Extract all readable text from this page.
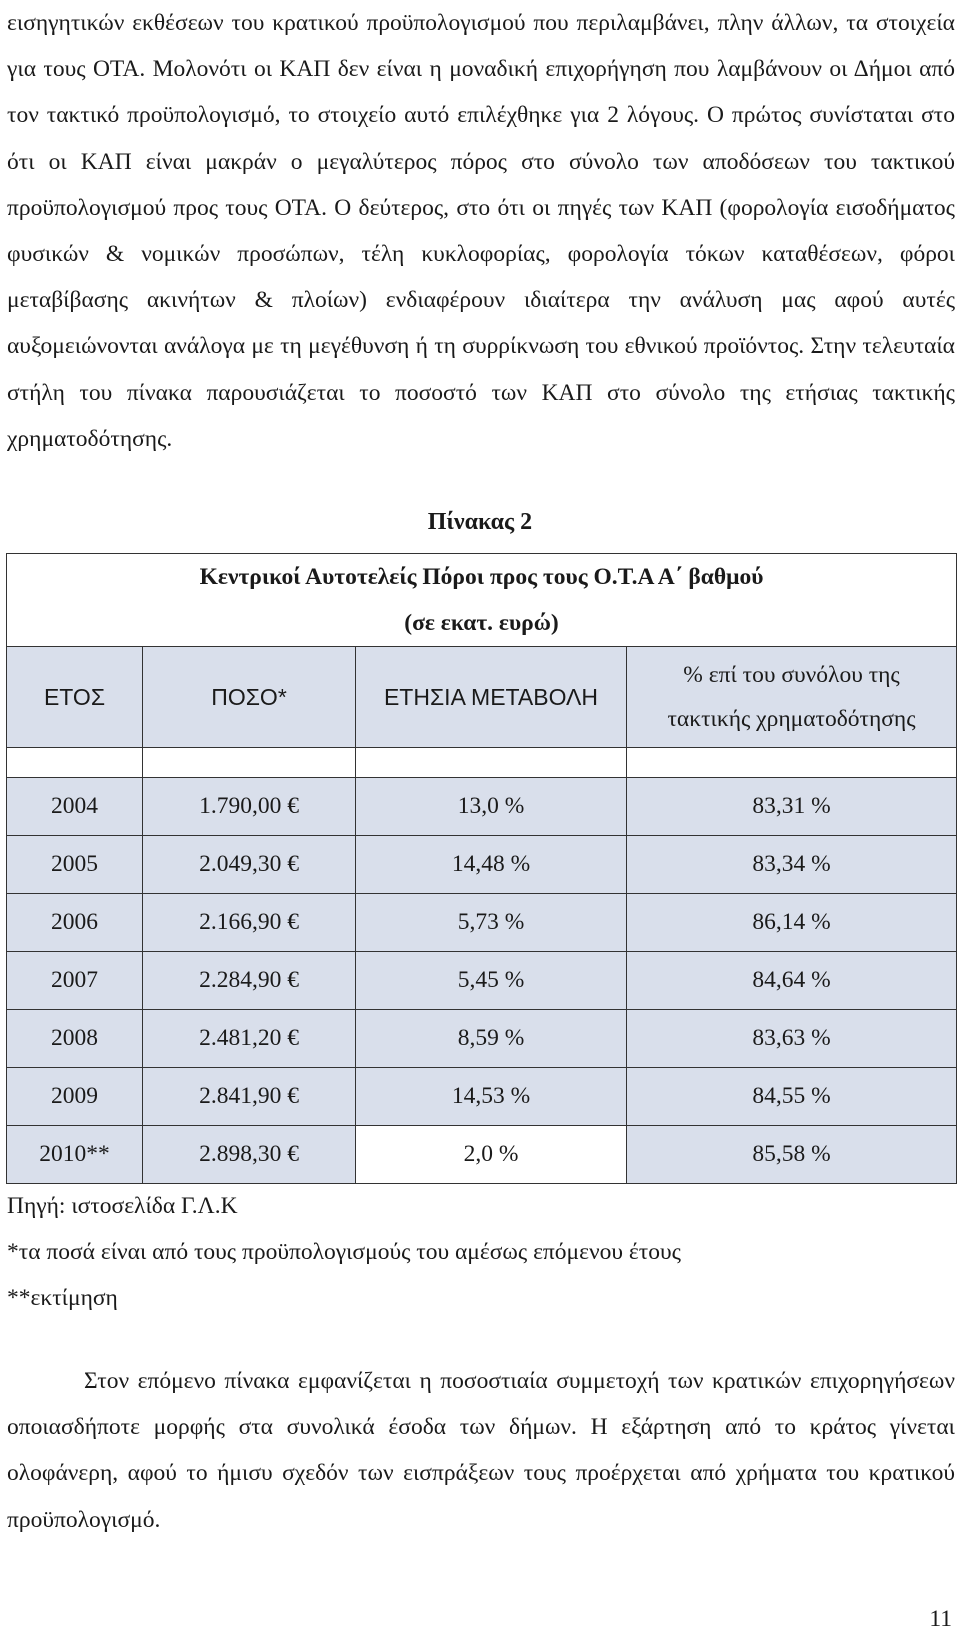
εισηγητικών εκθέσεων του κρατικού προϋπολογισμού που περιλαμβάνει, πλην άλλων, τα στοιχεία για τους ΟΤΑ. Μολονότι οι ΚΑΠ δεν είναι η μοναδική επιχορήγηση που λαμβάνουν οι Δήμοι από τον τακτικό προϋπολογισμό, το στοιχείο αυτό επιλέχθηκε για 2 λόγους. Ο πρώτος συνίσταται στο ότι οι ΚΑΠ είναι μακράν ο μεγαλύτερος πόρος στο σύνολο των αποδόσεων του τακτικού προϋπολογισμού προς τους ΟΤΑ. Ο δεύτερος, στο ότι οι πηγές των ΚΑΠ (φορολογία εισοδήματος φυσικών & νομικών προσώπων, τέλη κυκλοφορίας, φορολογία τόκων καταθέσεων, φόροι μεταβίβασης ακινήτων & πλοίων) ενδιαφέρουν ιδιαίτερα την ανάλυση μας αφού αυτές αυξομειώνονται ανάλογα με τη μεγέθυνση ή τη συρρίκνωση του εθνικού προϊόντος. Στην τελευταία στήλη του πίνακα παρουσιάζεται το ποσοστό των ΚΑΠ στο σύνολο της ετήσιας τακτικής χρηματοδότησης.

Πίνακας 2
Κεντρικοί Αυτοτελείς Πόροι προς τους Ο.Τ.Α Α΄ βαθμού
(σε εκατ. ευρώ)			

ΕΤΟΣ	ΠΟΣΟ*	ΕΤΗΣΙΑ ΜΕΤΑΒΟΛΗ	% επί του συνόλου της
τακτικής χρηματοδότησης

2004	1.790,00 €	13,0 %	83,31 %
2005	2.049,30 €	14,48 %	83,34 %
2006	2.166,90 €	5,73 %	86,14 %
2007	2.284,90 €	5,45 %	84,64 %
2008	2.481,20 €	8,59 %	83,63 %
2009	2.841,90 €	14,53 %	84,55 %
2010**	2.898,30 €	2,0 %	85,58 %
Πηγή: ιστοσελίδα Γ.Λ.Κ
*τα ποσά είναι από τους προϋπολογισμούς του αμέσως επόμενου έτους
**εκτίμηση

Στον επόμενο πίνακα εμφανίζεται η ποσοστιαία συμμετοχή των κρατικών επιχορηγήσεων οποιασδήποτε μορφής στα συνολικά έσοδα των δήμων. Η εξάρτηση από το κράτος γίνεται ολοφάνερη, αφού το ήμισυ σχεδόν των εισπράξεων τους προέρχεται από χρήματα του κρατικού προϋπολογισμό.

11
